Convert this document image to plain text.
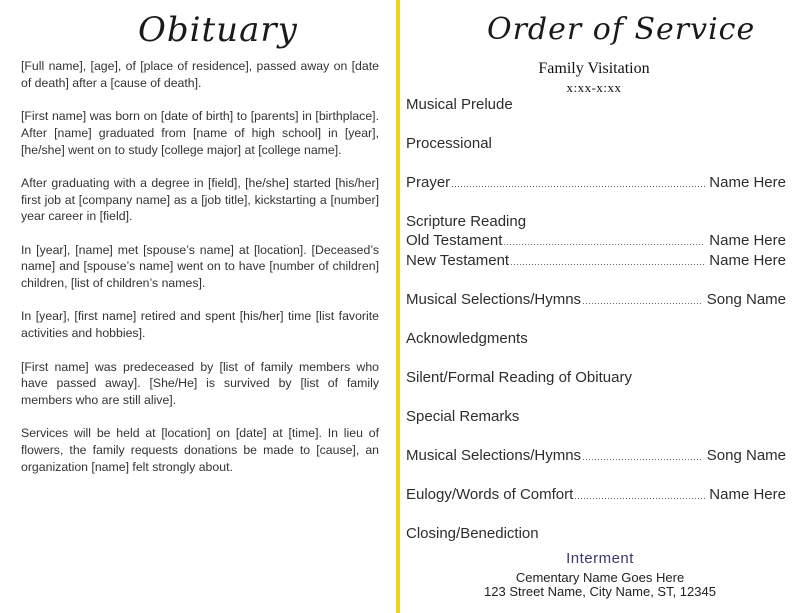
Obituary

[Full name], [age], of [place of residence], passed away on [date of death] after a [cause of death].

[First name] was born on [date of birth] to [parents] in [birthplace]. After [name] graduated from [name of high school] in [year], [he/she] went on to study [college major] at [college name].

After graduating with a degree in [field], [he/she] started [his/her] first job at [company name] as a [job title], kickstarting a [number] year career in [field].

In [year], [name] met [spouse’s name] at [location]. [Deceased’s name] and [spouse’s name] went on to have [number of children] children, [list of children’s names].

In [year], [first name] retired and spent [his/her] time [list favorite activities and hobbies].

[First name] was predeceased by [list of family members who have passed away]. [She/He] is survived by [list of family members who are still alive].

Services will be held at [location] on [date] at [time]. In lieu of flowers, the family requests donations be made to [cause], an organization [name] felt strongly about.

Order of Service
Family Visitation
x:xx-x:xx
Musical Prelude
Processional
Prayer .....	Name Here
Scripture Reading
Old Testament .....	Name Here
New Testament .....	Name Here
Musical Selections/Hymns .....	Song Name
Acknowledgments
Silent/Formal Reading of Obituary
Special Remarks
Musical Selections/Hymns .....	Song Name
Eulogy/Words of Comfort .....	Name Here
Closing/Benediction
Interment
Cementary Name Goes Here
123 Street Name, City Name, ST, 12345
